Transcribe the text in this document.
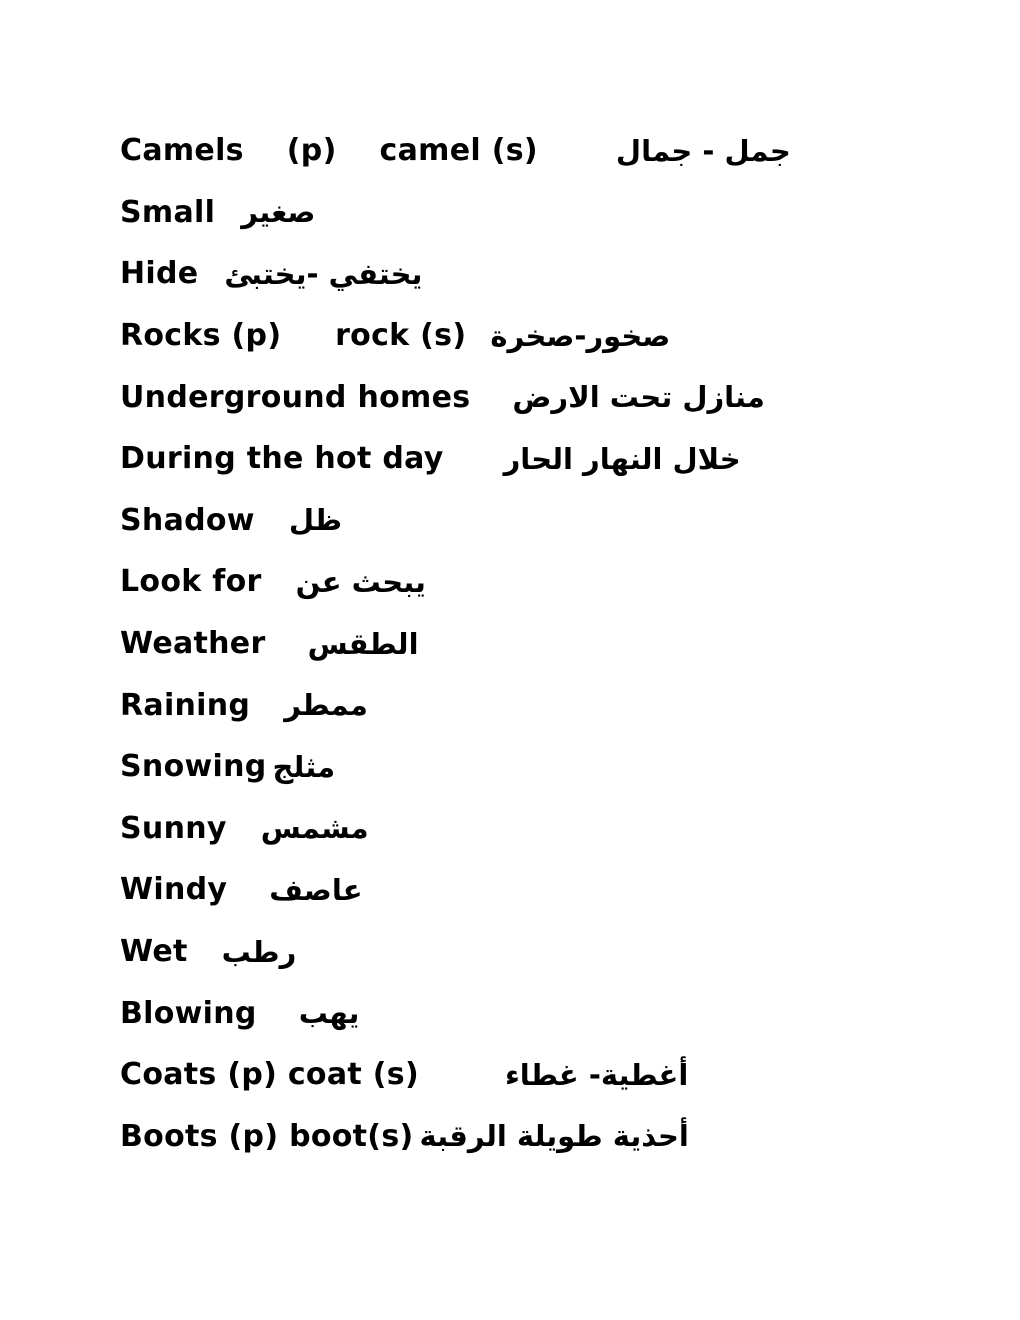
Camels    (p)    camel (s)	جمل - جمال
Small صغير
Hide يختفي -يختبئ
Rocks (p)     rock (s) صخور-صخرة
Underground homes منازل تحت الارض
During the hot day خلال النهار الحار
Shadow ظل
Look for يبحث عن
Weather الطقس
Raining ممطر
Snowing مثلج
Sunny مشمس
Windy عاصف
Wet رطب
Blowing يهب
Coats (p) coat (s)	أغطية- غطاء
Boots (p) boot(s) أحذية طويلة الرقبة
